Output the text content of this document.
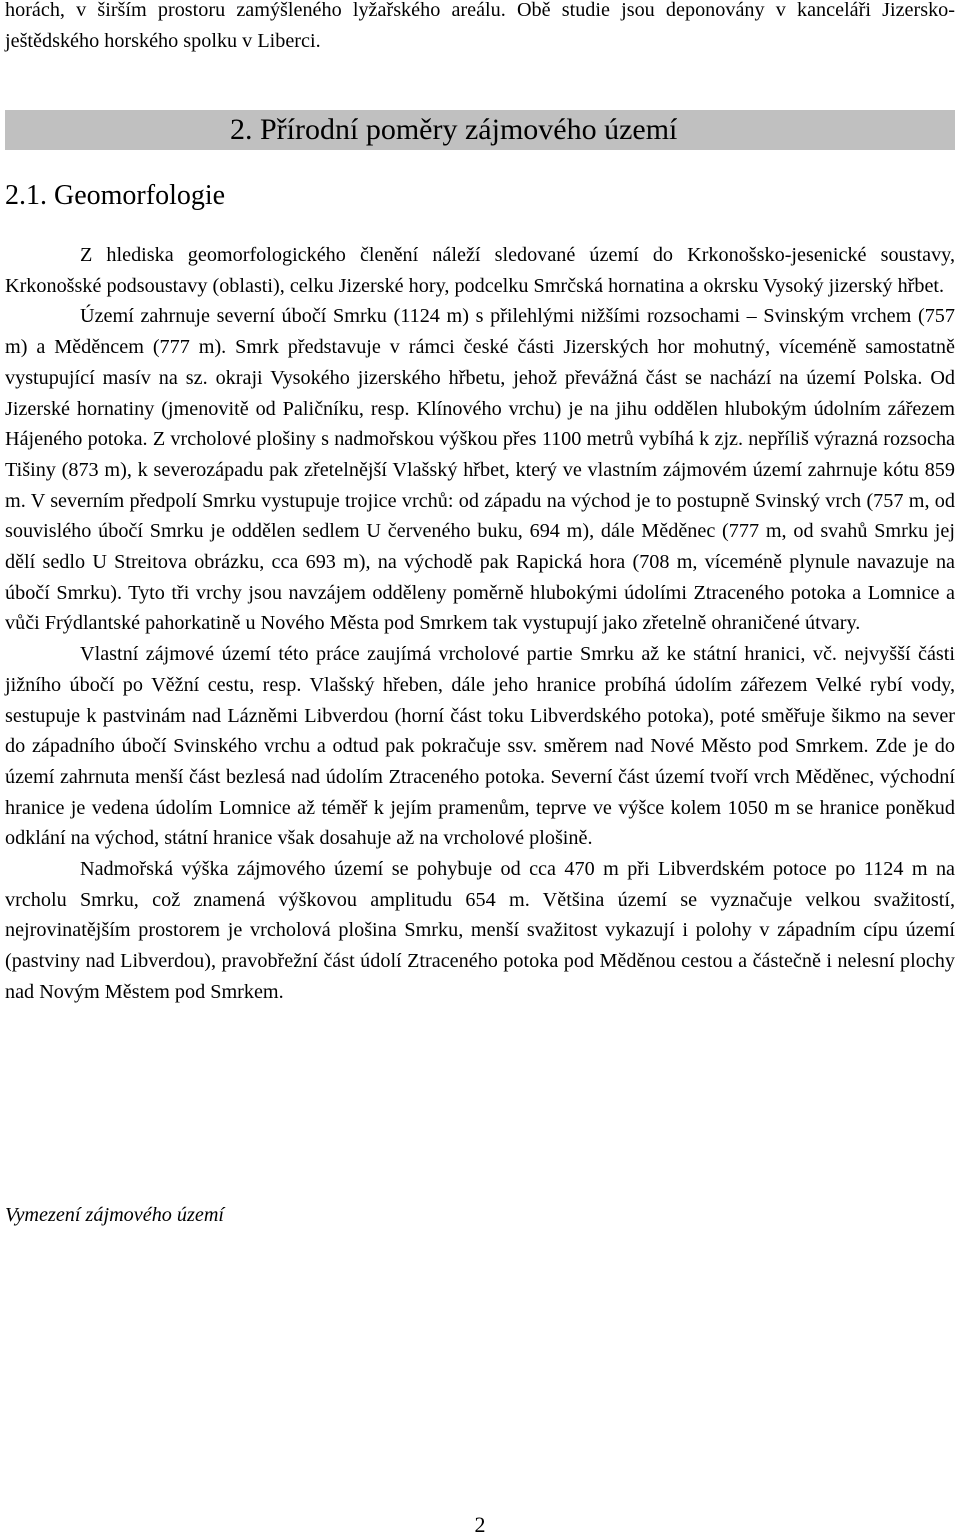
horách, v širším prostoru zamýšleného lyžařského areálu. Obě studie jsou deponovány v kanceláři Jizersko-ještědského horského spolku v Liberci.

2. Přírodní poměry zájmového území
2.1. Geomorfologie

Z hlediska geomorfologického členění náleží sledované území do Krkonošsko-jesenické soustavy, Krkonošské podsoustavy (oblasti), celku Jizerské hory, podcelku Smrčská hornatina a okrsku Vysoký jizerský hřbet.

Území zahrnuje severní úbočí Smrku (1124 m) s přilehlými nižšími rozsochami – Svinským vrchem (757 m) a Měděncem (777 m). Smrk představuje v rámci české části Jizerských hor mohutný, víceméně samostatně vystupující masív na sz. okraji Vysokého jizerského hřbetu, jehož převážná část se nachází na území Polska. Od Jizerské hornatiny (jmenovitě od Paličníku, resp. Klínového vrchu) je na jihu oddělen hlubokým údolním zářezem Hájeného potoka. Z vrcholové plošiny s nadmořskou výškou přes 1100 metrů vybíhá k zjz. nepříliš výrazná rozsocha Tišiny (873 m), k severozápadu pak zřetelnější Vlašský hřbet, který ve vlastním zájmovém území zahrnuje kótu 859 m. V severním předpolí Smrku vystupuje trojice vrchů: od západu na východ je to postupně Svinský vrch (757 m, od souvislého úbočí Smrku je oddělen sedlem U červeného buku, 694 m), dále Měděnec (777 m, od svahů Smrku jej dělí sedlo U Streitova obrázku, cca 693 m), na východě pak Rapická hora (708 m, víceméně plynule navazuje na úbočí Smrku). Tyto tři vrchy jsou navzájem odděleny poměrně hlubokými údolími Ztraceného potoka a Lomnice a vůči Frýdlantské pahorkatině u Nového Města pod Smrkem tak vystupují jako zřetelně ohraničené útvary.

Vlastní zájmové území této práce zaujímá vrcholové partie Smrku až ke státní hranici, vč. nejvyšší části jižního úbočí po Věžní cestu, resp. Vlašský hřeben, dále jeho hranice probíhá údolím zářezem Velké rybí vody, sestupuje k pastvinám nad Lázněmi Libverdou (horní část toku Libverdského potoka), poté směřuje šikmo na sever do západního úbočí Svinského vrchu a odtud pak pokračuje ssv. směrem nad Nové Město pod Smrkem. Zde je do území zahrnuta menší část bezlesá nad údolím Ztraceného potoka. Severní část území tvoří vrch Měděnec, východní hranice je vedena údolím Lomnice až téměř k jejím pramenům, teprve ve výšce kolem 1050 m se hranice poněkud odklání na východ, státní hranice však dosahuje až na vrcholové plošině.

Nadmořská výška zájmového území se pohybuje od cca 470 m při Libverdském potoce po 1124 m na vrcholu Smrku, což znamená výškovou amplitudu 654 m. Většina území se vyznačuje velkou svažitostí, nejrovinatějším prostorem je vrcholová plošina Smrku, menší svažitost vykazují i polohy v západním cípu území (pastviny nad Libverdou), pravobřežní část údolí Ztraceného potoka pod Měděnou cestou a částečně i nelesní plochy nad Novým Městem pod Smrkem.

Vymezení zájmového území
2
